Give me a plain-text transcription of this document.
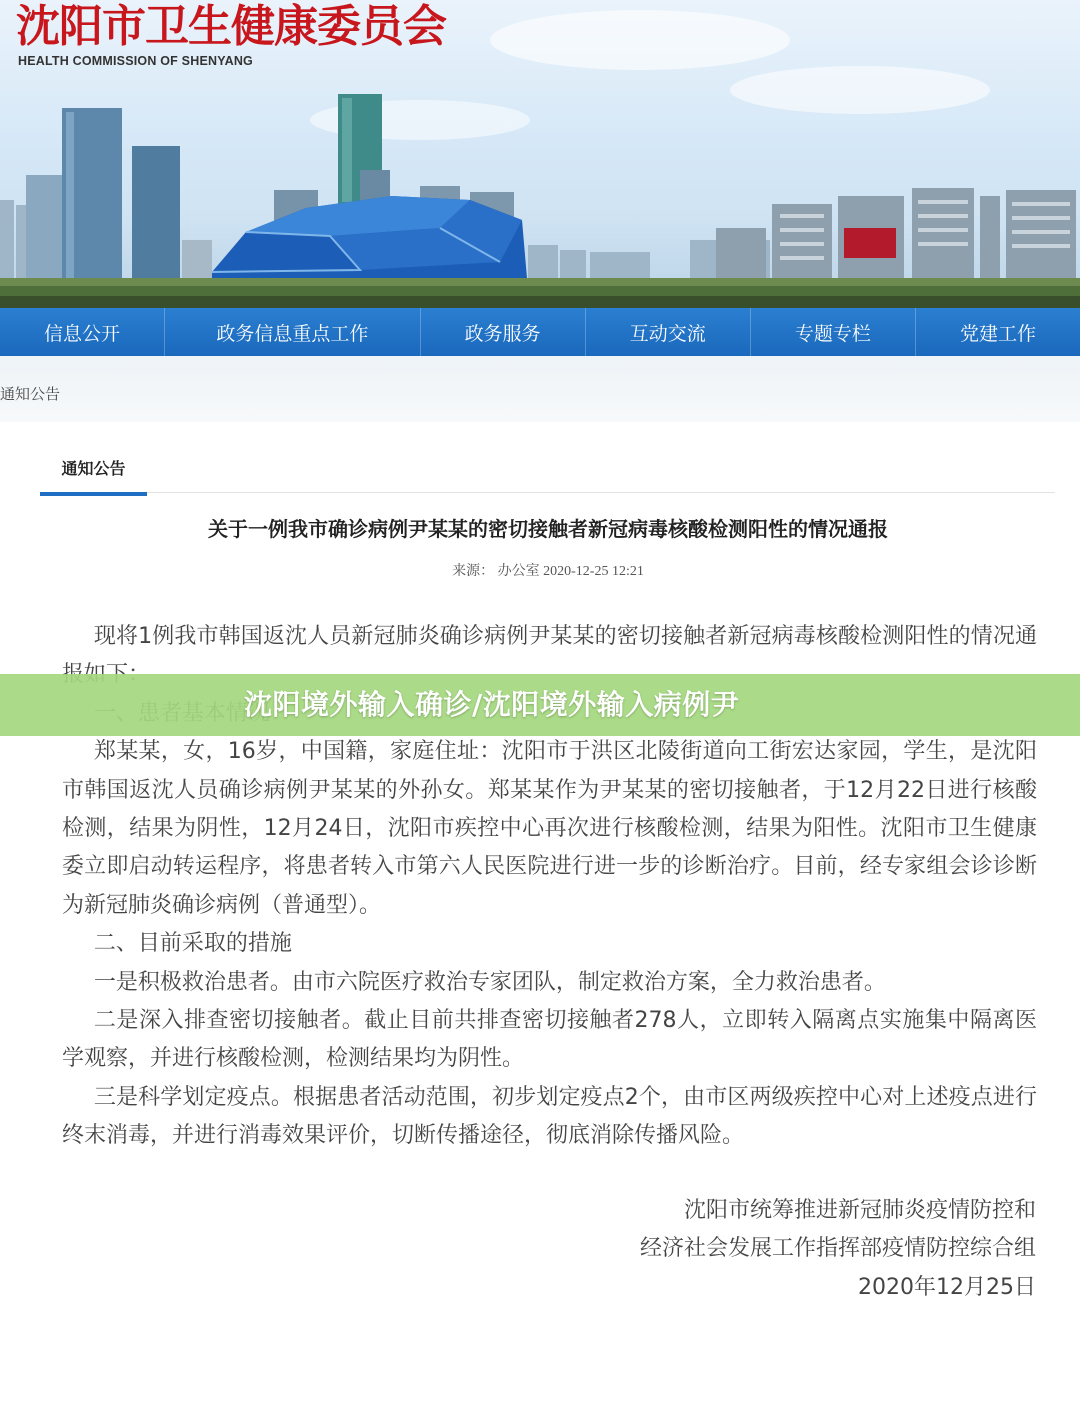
沈阳市卫生健康委员会

HEALTH COMMISSION OF SHENYANG

信息公开	政务信息重点工作	政务服务	互动交流	专题专栏	党建工作
通知公告
通知公告
关于一例我市确诊病例尹某某的密切接触者新冠病毒核酸检测阳性的情况通报
来源： 办公室 2020-12-25 12:21

现将1例我市韩国返沈人员新冠肺炎确诊病例尹某某的密切接触者新冠病毒核酸检测阳性的情况通

郑某某，女，16岁，中国籍，家庭住址：沈阳市于洪区北陵街道向工街宏达家园，学生，是沈阳市韩国返沈人员确诊病例尹某某的外孙女。郑某某作为尹某某的密切接触者，于12月22日进行核酸检测，结果为阴性，12月24日，沈阳市疾控中心再次进行核酸检测，结果为阳性。沈阳市卫生健康委立即启动转运程序，将患者转入市第六人民医院进行进一步的诊断治疗。目前，经专家组会诊诊断为新冠肺炎确诊病例（普通型）。

二、目前采取的措施

一是积极救治患者。由市六院医疗救治专家团队，制定救治方案，全力救治患者。

二是深入排查密切接触者。截止目前共排查密切接触者278人，立即转入隔离点实施集中隔离医学观察，并进行核酸检测，检测结果均为阴性。

三是科学划定疫点。根据患者活动范围，初步划定疫点2个，由市区两级疾控中心对上述疫点进行终末消毒，并进行消毒效果评价，切断传播途径，彻底消除传播风险。

沈阳市统筹推进新冠肺炎疫情防控和
经济社会发展工作指挥部疫情防控综合组
2020年12月25日
沈阳境外输入确诊/沈阳境外输入病例尹
